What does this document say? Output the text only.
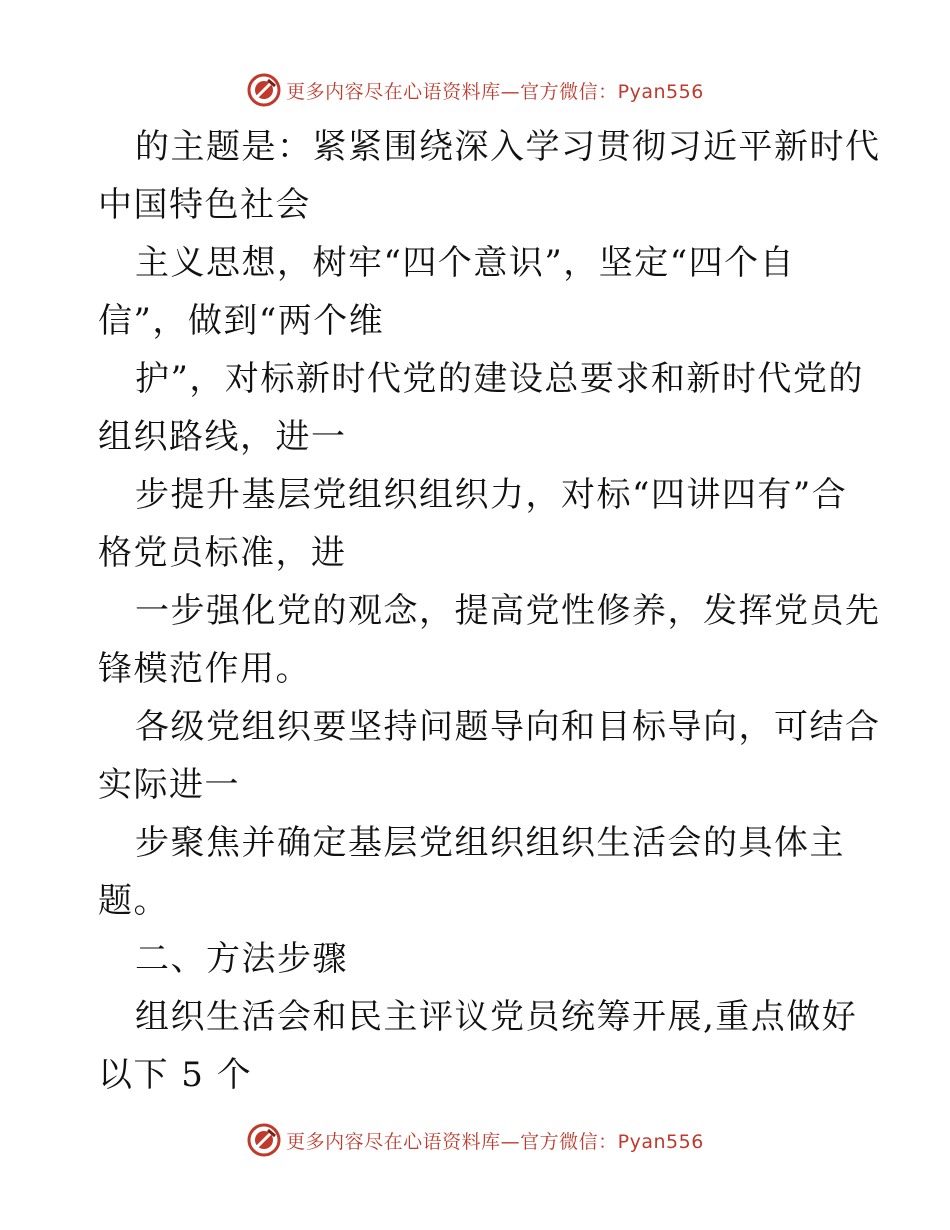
更多内容尽在心语资料库—官方微信：Pyan556
的主题是：紧紧围绕深入学习贯彻习近平新时代
中国特色社会
主义思想，树牢“四个意识”，坚定“四个自
信”，做到“两个维
护”，对标新时代党的建设总要求和新时代党的
组织路线，进一
步提升基层党组织组织力，对标“四讲四有”合
格党员标准，进
一步强化党的观念，提高党性修养，发挥党员先
锋模范作用。
各级党组织要坚持问题导向和目标导向，可结合
实际进一
步聚焦并确定基层党组织组织生活会的具体主
题。
二、方法步骤
组织生活会和民主评议党员统筹开展,重点做好
以下 5 个
更多内容尽在心语资料库—官方微信：Pyan556
